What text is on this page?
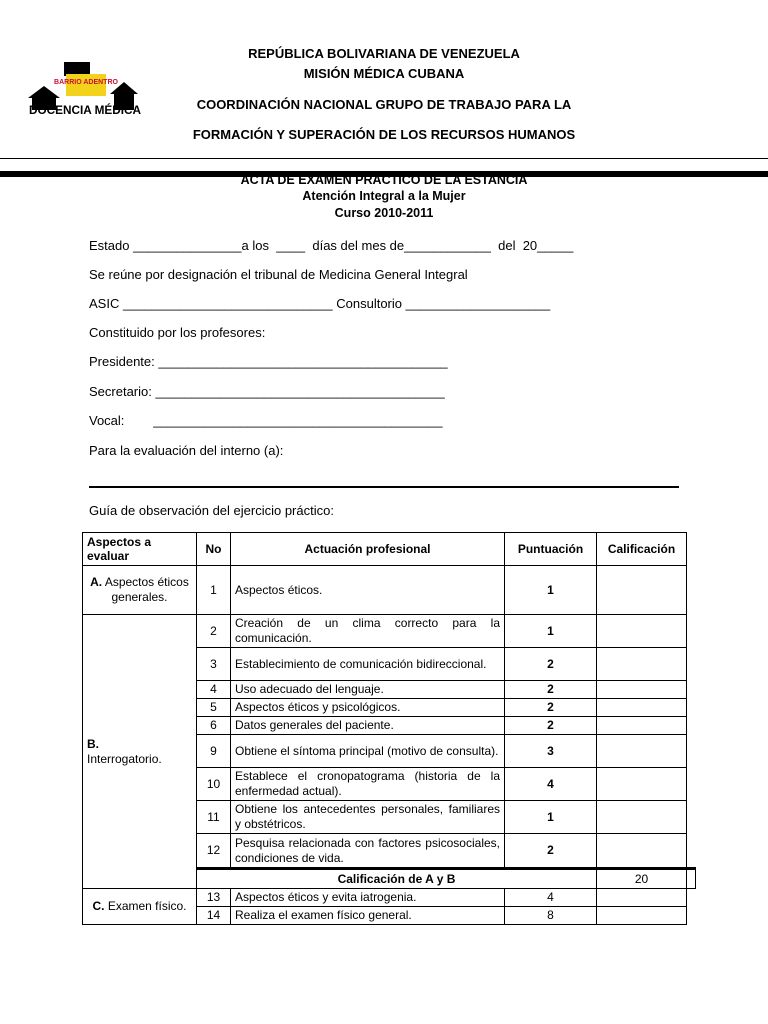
BARRIO ADENTRO
DOCENCIA MÉDICA
REPÚBLICA BOLIVARIANA DE VENEZUELA
MISIÓN MÉDICA CUBANA
COORDINACIÓN NACIONAL GRUPO DE TRABAJO PARA LA
FORMACIÓN Y SUPERACIÓN DE LOS RECURSOS HUMANOS
ACTA DE EXAMEN PRÁCTICO DE LA ESTANCIA
Atención Integral a la Mujer
Curso 2010-2011
Estado _______________a los  ____  días del mes de____________  del  20_____
Se reúne por designación el tribunal de Medicina General Integral
ASIC _____________________________ Consultorio ____________________
Constituido por los profesores:
Presidente: ________________________________________
Secretario: ________________________________________
Vocal:        ________________________________________
Para la evaluación del interno (a):
Guía de observación del ejercicio práctico:
Aspectos a evaluar	No	Actuación profesional	Puntuación	Calificación	
A. Aspectos éticos generales.	1	Aspectos éticos.	1		
B.
Interrogatorio.	2	Creación de un clima correcto para la comunicación.	1		
	3	Establecimiento de comunicación bidireccional.	2		
	4	Uso adecuado del lenguaje.	2		
	5	Aspectos éticos y psicológicos.	2		
	6	Datos generales del paciente.	2		
	9	Obtiene el síntoma principal (motivo de consulta).	3		
	10	Establece el cronopatograma (historia de la enfermedad actual).	4		
	11	Obtiene los antecedentes personales, familiares y obstétricos.	1		
	12	Pesquisa relacionada con factores psicosociales, condiciones de vida.	2		
	Calificación de A y B			20	
C. Examen físico.	13	Aspectos éticos y evita iatrogenia.	4		
	14	Realiza el examen físico general.	8		
